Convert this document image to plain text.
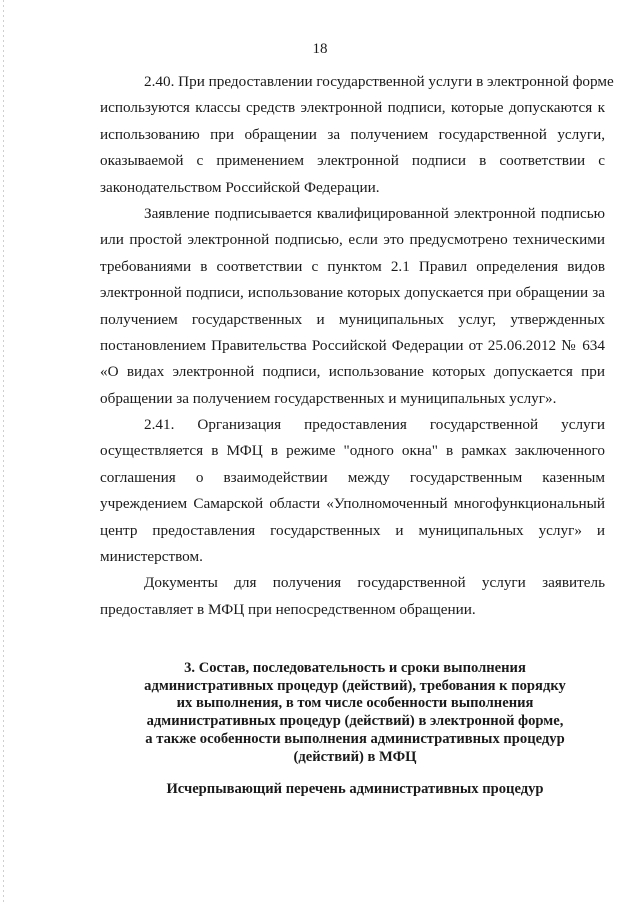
18
2.40. При предоставлении государственной услуги в электронной форме
используются классы средств электронной подписи, которые допускаются к
использованию при обращении за получением государственной услуги,
оказываемой с применением электронной подписи в соответствии с
законодательством Российской Федерации.
Заявление подписывается квалифицированной электронной подписью
или простой электронной подписью, если это предусмотрено техническими
требованиями в соответствии с пунктом 2.1 Правил определения видов
электронной подписи, использование которых допускается при обращении за
получением государственных и муниципальных услуг, утвержденных
постановлением Правительства Российской Федерации от 25.06.2012 № 634
«О видах электронной подписи, использование которых допускается при
обращении за получением государственных и муниципальных услуг».
2.41. Организация предоставления государственной услуги
осуществляется в МФЦ в режиме "одного окна" в рамках заключенного
соглашения о взаимодействии между государственным казенным
учреждением Самарской области «Уполномоченный многофункциональный
центр предоставления государственных и муниципальных услуг» и
министерством.
Документы для получения государственной услуги заявитель
предоставляет в МФЦ при непосредственном обращении.
3. Состав, последовательность и сроки выполнения
административных процедур (действий), требования к порядку
их выполнения, в том числе особенности выполнения
административных процедур (действий) в электронной форме,
а также особенности выполнения административных процедур
(действий) в МФЦ
Исчерпывающий перечень административных процедур
